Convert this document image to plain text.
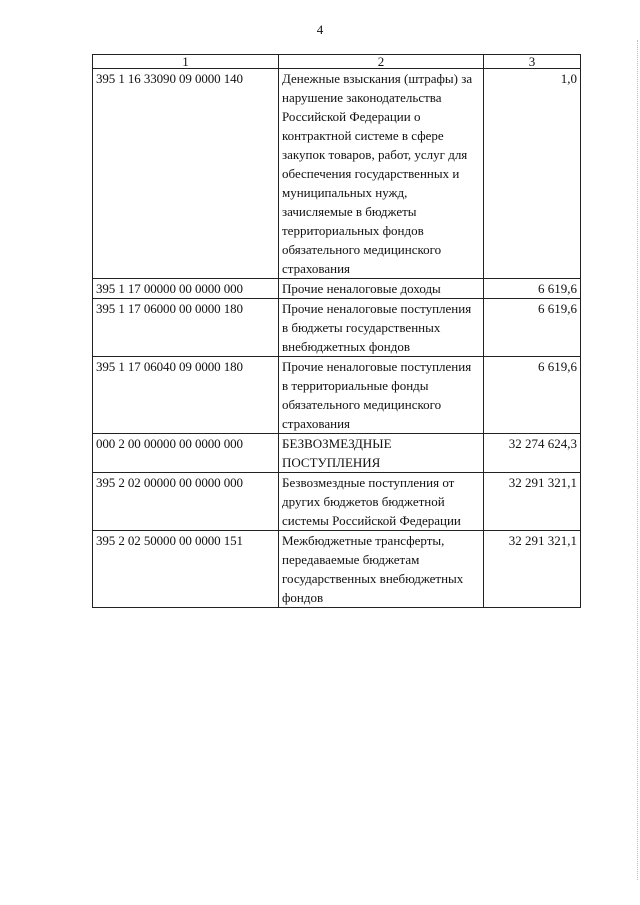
4
1	2	3
395 1 16 33090 09 0000 140	Денежные взыскания (штрафы) за нарушение законодательства Российской Федерации о контрактной системе в сфере закупок товаров, работ, услуг для обеспечения государственных и муниципальных нужд, зачисляемые в бюджеты территориальных фондов обязательного медицинского страхования	1,0
395 1 17 00000 00 0000 000	Прочие неналоговые доходы	6 619,6
395 1 17 06000 00 0000 180	Прочие неналоговые поступления в бюджеты государственных внебюджетных фондов	6 619,6
395 1 17 06040 09 0000 180	Прочие неналоговые поступления в территориальные фонды обязательного медицинского страхования	6 619,6
000 2 00 00000 00 0000 000	БЕЗВОЗМЕЗДНЫЕ ПОСТУПЛЕНИЯ	32 274 624,3
395 2 02 00000 00 0000 000	Безвозмездные поступления от других бюджетов бюджетной системы Российской Федерации	32 291 321,1
395 2 02 50000 00 0000 151	Межбюджетные трансферты, передаваемые бюджетам государственных внебюджетных фондов	32 291 321,1
